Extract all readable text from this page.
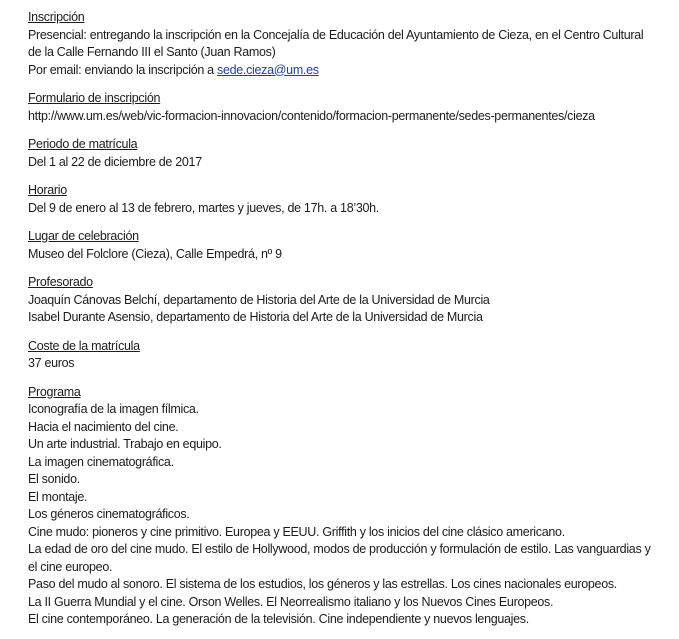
Inscripción

Presencial: entregando la inscripción en la Concejalía de Educación del Ayuntamiento de Cieza, en el Centro Cultural de la Calle Fernando III el Santo (Juan Ramos)

Por email: enviando la inscripción a sede.cieza@um.es

Formulario de inscripción

http://www.um.es/web/vic-formacion-innovacion/contenido/formacion-permanente/sedes-permanentes/cieza

Periodo de matrícula

Del 1 al 22 de diciembre de 2017

Horario

Del 9 de enero al 13 de febrero, martes y jueves, de 17h. a 18’30h.

Lugar de celebración

Museo del Folclore (Cieza), Calle Empedrá, nº 9

Profesorado

Joaquín Cánovas Belchí, departamento de Historia del Arte de la Universidad de Murcia

Isabel Durante Asensio, departamento de Historia del Arte de la Universidad de Murcia

Coste de la matrícula

37 euros

Programa

Iconografía de la imagen fílmica.

Hacia el nacimiento del cine.

Un arte industrial. Trabajo en equipo.

La imagen cinematográfica.

El sonido.

El montaje.

Los géneros cinematográficos.

Cine mudo: pioneros y cine primitivo. Europea y EEUU. Griffith y los inicios del cine clásico americano.

La edad de oro del cine mudo. El estilo de Hollywood, modos de producción y formulación de estilo. Las vanguardias y el cine europeo.

Paso del mudo al sonoro. El sistema de los estudios, los géneros y las estrellas. Los cines nacionales europeos.

La II Guerra Mundial y el cine. Orson Welles. El Neorrealismo italiano y los Nuevos Cines Europeos.

El cine contemporáneo. La generación de la televisión. Cine independiente y nuevos lenguajes.
